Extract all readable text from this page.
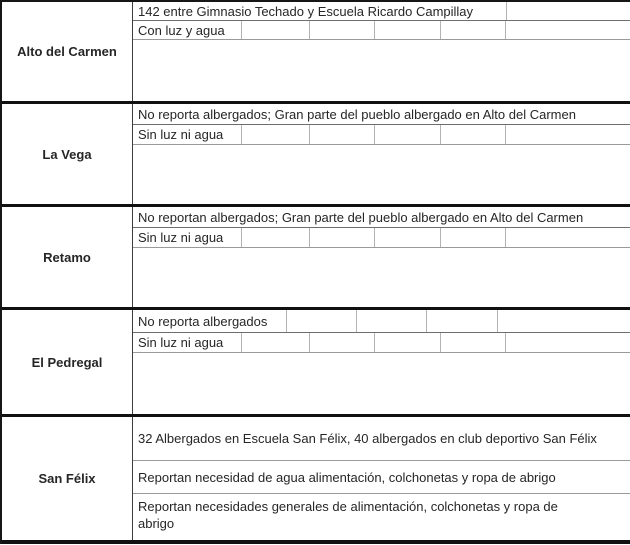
Alto del Carmen
142 entre Gimnasio Techado y Escuela Ricardo Campillay
Con luz y agua
La Vega
No reporta albergados; Gran parte del pueblo albergado en Alto del Carmen
Sin luz ni agua
Retamo
No reportan albergados; Gran parte del pueblo albergado en Alto del Carmen
Sin luz ni agua
El Pedregal
No reporta albergados
Sin luz ni agua
San Félix
32 Albergados en Escuela San Félix, 40 albergados en club deportivo San Félix
Reportan necesidad de agua alimentación, colchonetas y ropa de abrigo
Reportan necesidades generales de alimentación, colchonetas y ropa de abrigo
